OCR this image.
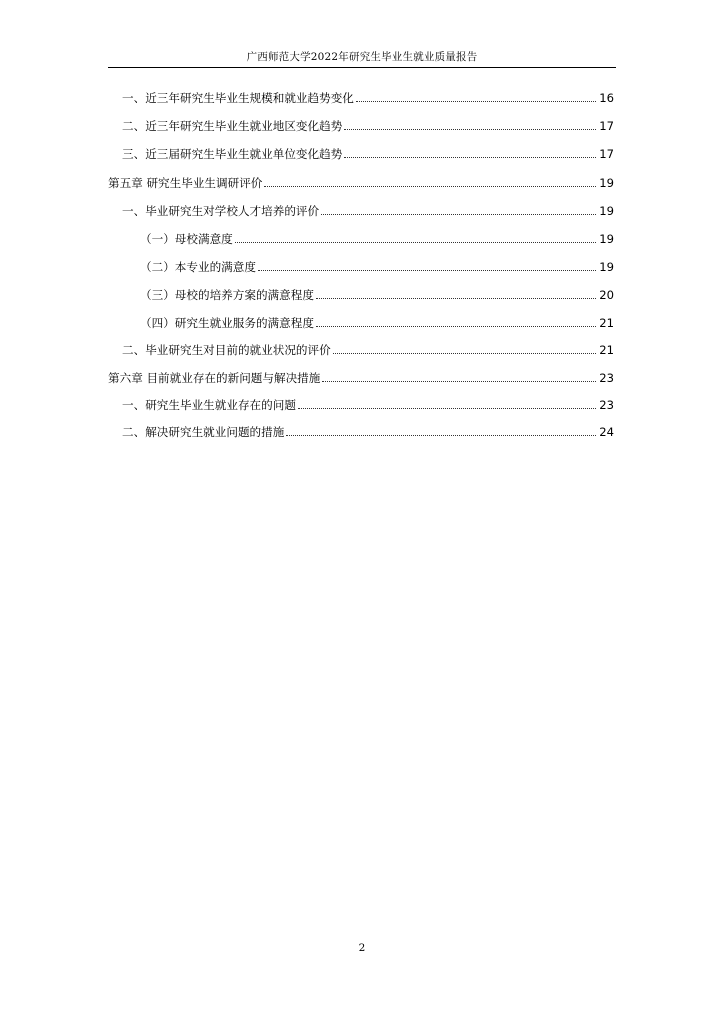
广西师范大学2022年研究生毕业生就业质量报告
一、近三年研究生毕业生规模和就业趋势变化	16
二、近三年研究生毕业生就业地区变化趋势	17
三、近三届研究生毕业生就业单位变化趋势	17
第五章 研究生毕业生调研评价	19
一、毕业研究生对学校人才培养的评价	19
（一）母校满意度	19
（二）本专业的满意度	19
（三）母校的培养方案的满意程度	20
（四）研究生就业服务的满意程度	21
二、毕业研究生对目前的就业状况的评价	21
第六章 目前就业存在的新问题与解决措施	23
一、研究生毕业生就业存在的问题	23
二、解决研究生就业问题的措施	24
2
